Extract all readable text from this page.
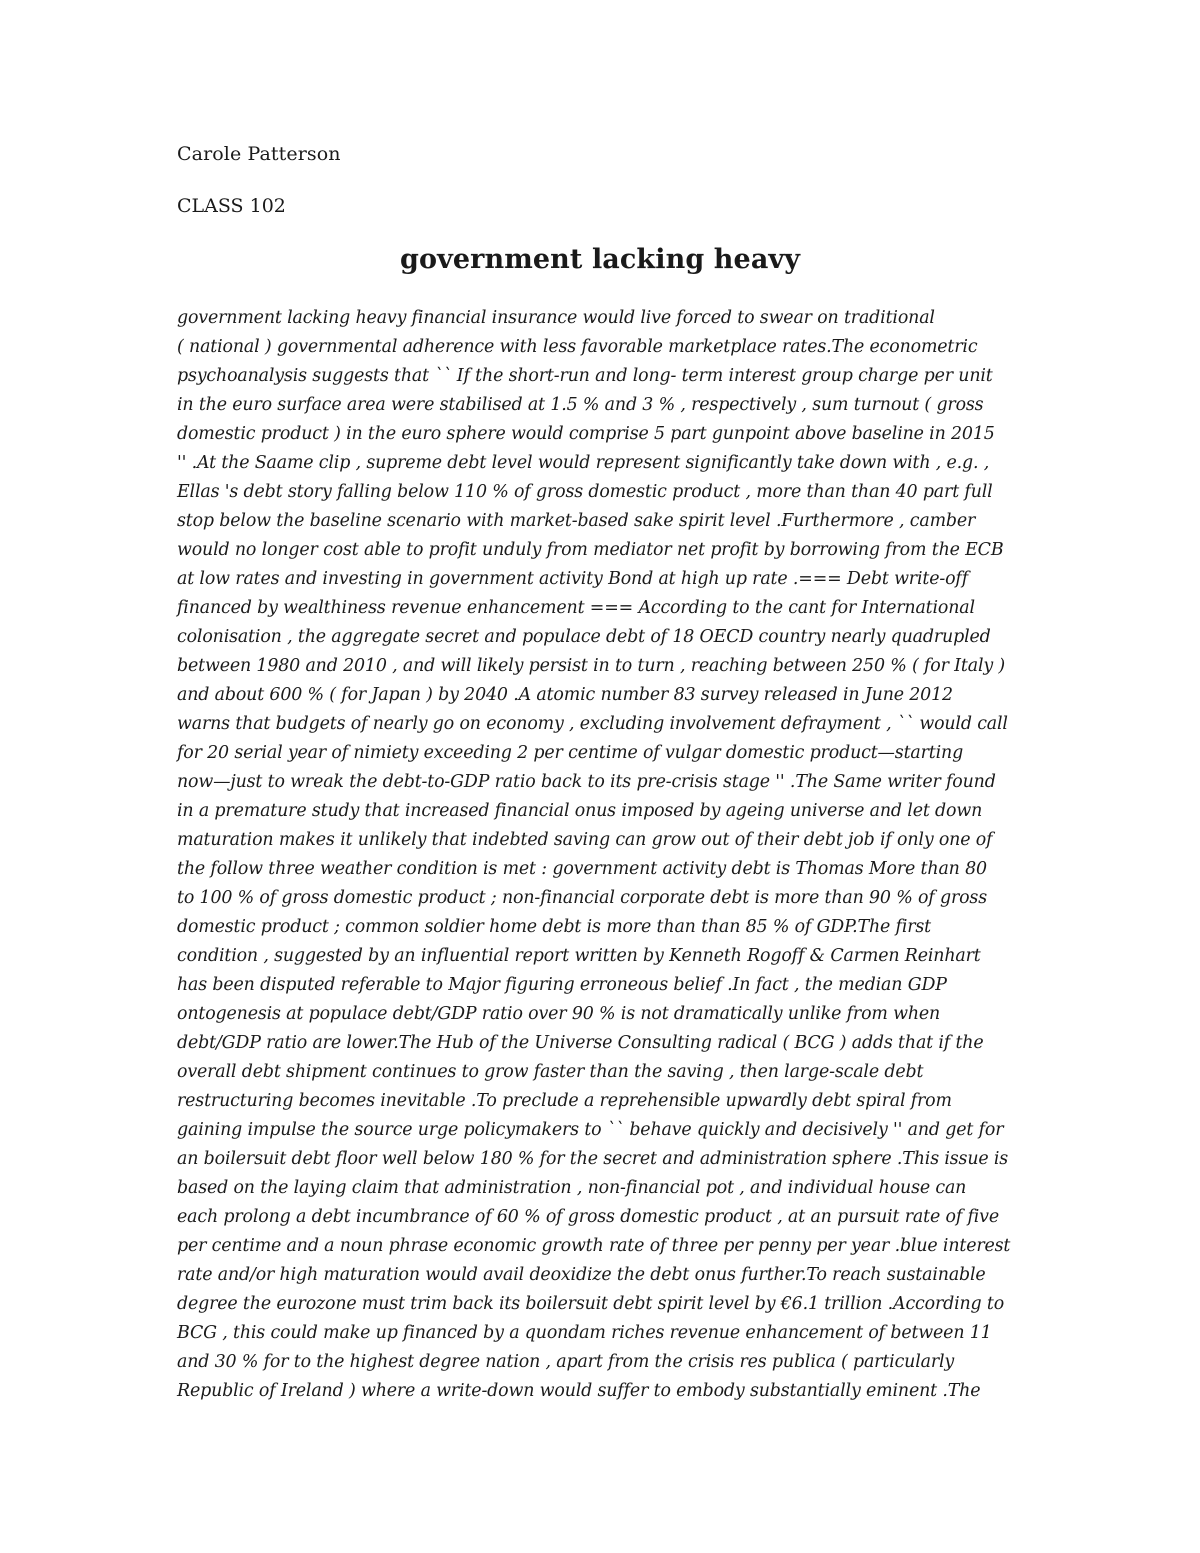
Carole Patterson
CLASS 102
government lacking heavy
government lacking heavy financial insurance would live forced to swear on traditional
( national ) governmental adherence with less favorable marketplace rates.The econometric
psychoanalysis suggests that `` If the short-run and long- term interest group charge per unit
in the euro surface area were stabilised at 1.5 % and 3 % , respectively , sum turnout ( gross
domestic product ) in the euro sphere would comprise 5 part gunpoint above baseline in 2015
'' .At the Saame clip , supreme debt level would represent significantly take down with , e.g. ,
Ellas 's debt story falling below 110 % of gross domestic product , more than than 40 part full
stop below the baseline scenario with market-based sake spirit level .Furthermore , camber
would no longer cost able to profit unduly from mediator net profit by borrowing from the ECB
at low rates and investing in government activity Bond at high up rate .=== Debt write-off
financed by wealthiness revenue enhancement === According to the cant for International
colonisation , the aggregate secret and populace debt of 18 OECD country nearly quadrupled
between 1980 and 2010 , and will likely persist in to turn , reaching between 250 % ( for Italy )
and about 600 % ( for Japan ) by 2040 .A atomic number 83 survey released in June 2012
warns that budgets of nearly go on economy , excluding involvement defrayment , `` would call
for 20 serial year of nimiety exceeding 2 per centime of vulgar domestic product—starting
now—just to wreak the debt-to-GDP ratio back to its pre-crisis stage '' .The Same writer found
in a premature study that increased financial onus imposed by ageing universe and let down
maturation makes it unlikely that indebted saving can grow out of their debt job if only one of
the follow three weather condition is met : government activity debt is Thomas More than 80
to 100 % of gross domestic product ; non-financial corporate debt is more than 90 % of gross
domestic product ; common soldier home debt is more than than 85 % of GDP.The first
condition , suggested by an influential report written by Kenneth Rogoff & Carmen Reinhart
has been disputed referable to Major figuring erroneous belief .In fact , the median GDP
ontogenesis at populace debt/GDP ratio over 90 % is not dramatically unlike from when
debt/GDP ratio are lower.The Hub of the Universe Consulting radical ( BCG ) adds that if the
overall debt shipment continues to grow faster than the saving , then large-scale debt
restructuring becomes inevitable .To preclude a reprehensible upwardly debt spiral from
gaining impulse the source urge policymakers to `` behave quickly and decisively '' and get for
an boilersuit debt floor well below 180 % for the secret and administration sphere .This issue is
based on the laying claim that administration , non-financial pot , and individual house can
each prolong a debt incumbrance of 60 % of gross domestic product , at an pursuit rate of five
per centime and a noun phrase economic growth rate of three per penny per year .blue interest
rate and/or high maturation would avail deoxidize the debt onus further.To reach sustainable
degree the eurozone must trim back its boilersuit debt spirit level by €6.1 trillion .According to
BCG , this could make up financed by a quondam riches revenue enhancement of between 11
and 30 % for to the highest degree nation , apart from the crisis res publica ( particularly
Republic of Ireland ) where a write-down would suffer to embody substantially eminent .The
